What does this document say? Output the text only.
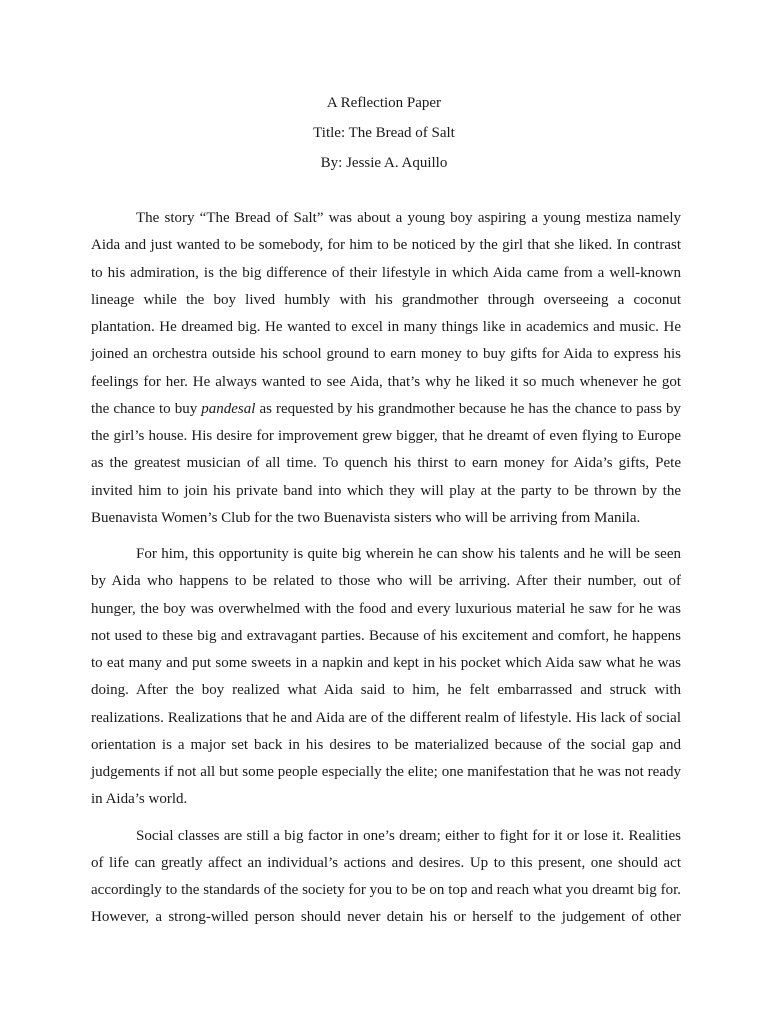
A Reflection Paper
Title: The Bread of Salt
By: Jessie A. Aquillo

The story “The Bread of Salt” was about a young boy aspiring a young mestiza namely Aida and just wanted to be somebody, for him to be noticed by the girl that she liked. In contrast to his admiration, is the big difference of their lifestyle in which Aida came from a well-known lineage while the boy lived humbly with his grandmother through overseeing a coconut plantation. He dreamed big. He wanted to excel in many things like in academics and music. He joined an orchestra outside his school ground to earn money to buy gifts for Aida to express his feelings for her. He always wanted to see Aida, that’s why he liked it so much whenever he got the chance to buy pandesal as requested by his grandmother because he has the chance to pass by the girl’s house. His desire for improvement grew bigger, that he dreamt of even flying to Europe as the greatest musician of all time. To quench his thirst to earn money for Aida’s gifts, Pete invited him to join his private band into which they will play at the party to be thrown by the Buenavista Women’s Club for the two Buenavista sisters who will be arriving from Manila.

For him, this opportunity is quite big wherein he can show his talents and he will be seen by Aida who happens to be related to those who will be arriving. After their number, out of hunger, the boy was overwhelmed with the food and every luxurious material he saw for he was not used to these big and extravagant parties. Because of his excitement and comfort, he happens to eat many and put some sweets in a napkin and kept in his pocket which Aida saw what he was doing. After the boy realized what Aida said to him, he felt embarrassed and struck with realizations. Realizations that he and Aida are of the different realm of lifestyle. His lack of social orientation is a major set back in his desires to be materialized because of the social gap and judgements if not all but some people especially the elite; one manifestation that he was not ready in Aida’s world.

Social classes are still a big factor in one’s dream; either to fight for it or lose it. Realities of life can greatly affect an individual’s actions and desires. Up to this present, one should act accordingly to the standards of the society for you to be on top and reach what you dreamt big for. However, a strong-willed person should never detain his or herself to the judgement of other
